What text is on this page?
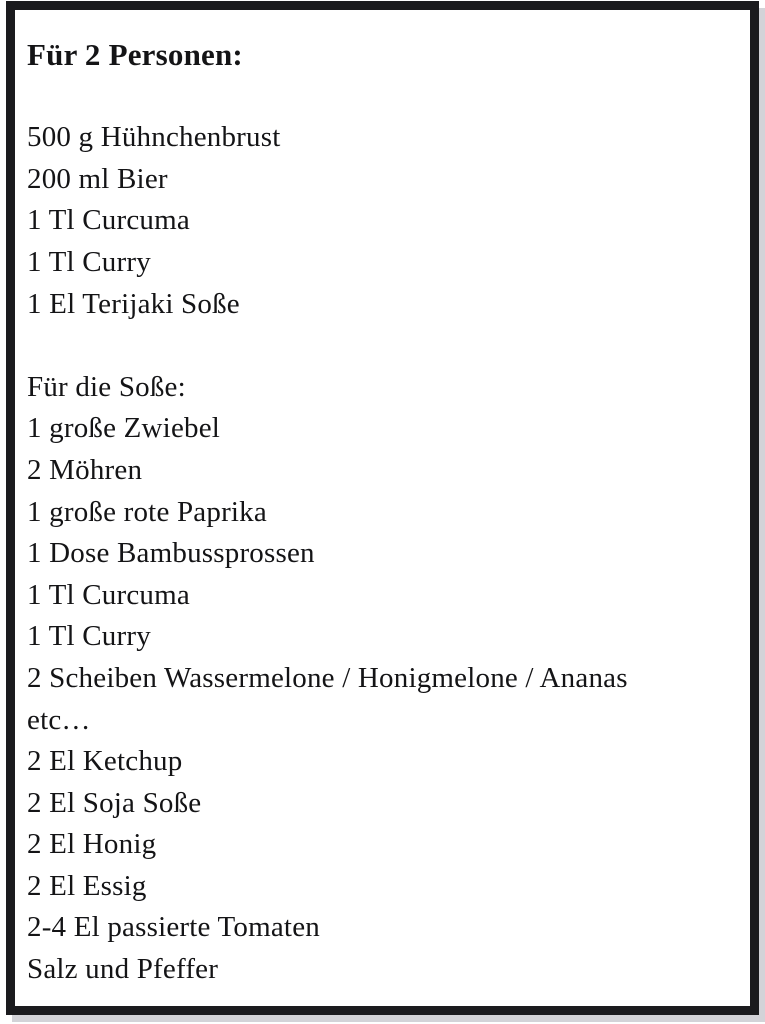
Für 2 Personen:

500 g Hühnchenbrust

200 ml Bier

1 Tl Curcuma

1 Tl Curry

1 El Terijaki Soße

Für die Soße:

1 große Zwiebel

2 Möhren

1 große rote Paprika

1 Dose Bambussprossen

1 Tl Curcuma

1 Tl Curry

2 Scheiben Wassermelone / Honigmelone / Ananas

etc…

2 El Ketchup

2 El Soja Soße

2 El Honig

2 El Essig

2-4 El passierte Tomaten

Salz und Pfeffer
